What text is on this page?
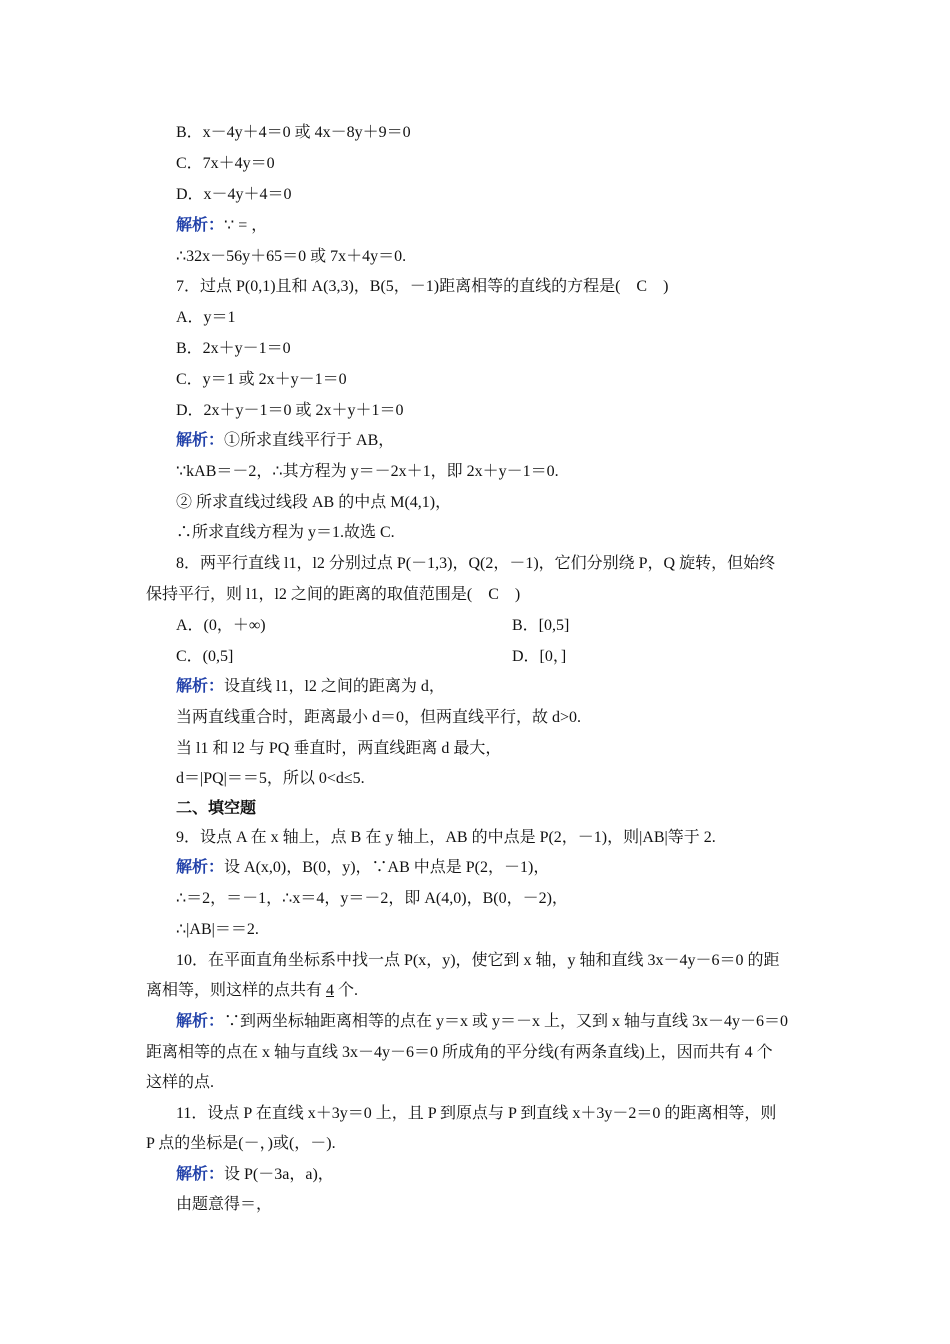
B．x－4y＋4＝0 或 4x－8y＋9＝0
C．7x＋4y＝0
D．x－4y＋4＝0
解析：∵ = ，
∴32x－56y＋65＝0 或 7x＋4y＝0.
7．过点 P(0,1)且和 A(3,3)，B(5，－1)距离相等的直线的方程是(　C　)
A．y＝1
B．2x＋y－1＝0
C．y＝1 或 2x＋y－1＝0
D．2x＋y－1＝0 或 2x＋y＋1＝0
解析：①所求直线平行于 AB，
∵kAB＝－2，∴其方程为 y＝－2x＋1，即 2x＋y－1＝0.
② 所求直线过线段 AB 的中点 M(4,1)，
∴所求直线方程为 y＝1.故选 C.
8．两平行直线 l1，l2 分别过点 P(－1,3)，Q(2，－1)，它们分别绕 P，Q 旋转，但始终
保持平行，则 l1，l2 之间的距离的取值范围是(　C　)
A．(0，＋∞)	B．[0,5]
C．(0,5]	D．[0，]
解析：设直线 l1，l2 之间的距离为 d，
当两直线重合时，距离最小 d＝0，但两直线平行，故 d>0.
当 l1 和 l2 与 PQ 垂直时，两直线距离 d 最大，
d＝|PQ|＝＝5，所以 0<d≤5.
二、填空题
9．设点 A 在 x 轴上，点 B 在 y 轴上，AB 的中点是 P(2，－1)，则|AB|等于 2.
解析：设 A(x,0)，B(0，y)，∵AB 中点是 P(2，－1)，
∴＝2，＝－1，∴x＝4，y＝－2，即 A(4,0)，B(0，－2)，
∴|AB|＝＝2.
10．在平面直角坐标系中找一点 P(x，y)，使它到 x 轴，y 轴和直线 3x－4y－6＝0 的距
离相等，则这样的点共有 4 个.
解析：∵到两坐标轴距离相等的点在 y＝x 或 y＝－x 上，又到 x 轴与直线 3x－4y－6＝0
距离相等的点在 x 轴与直线 3x－4y－6＝0 所成角的平分线(有两条直线)上，因而共有 4 个
这样的点.
11．设点 P 在直线 x＋3y＝0 上，且 P 到原点与 P 到直线 x＋3y－2＝0 的距离相等，则
P 点的坐标是(－，)或(，－).
解析：设 P(－3a，a)，
由题意得＝，
